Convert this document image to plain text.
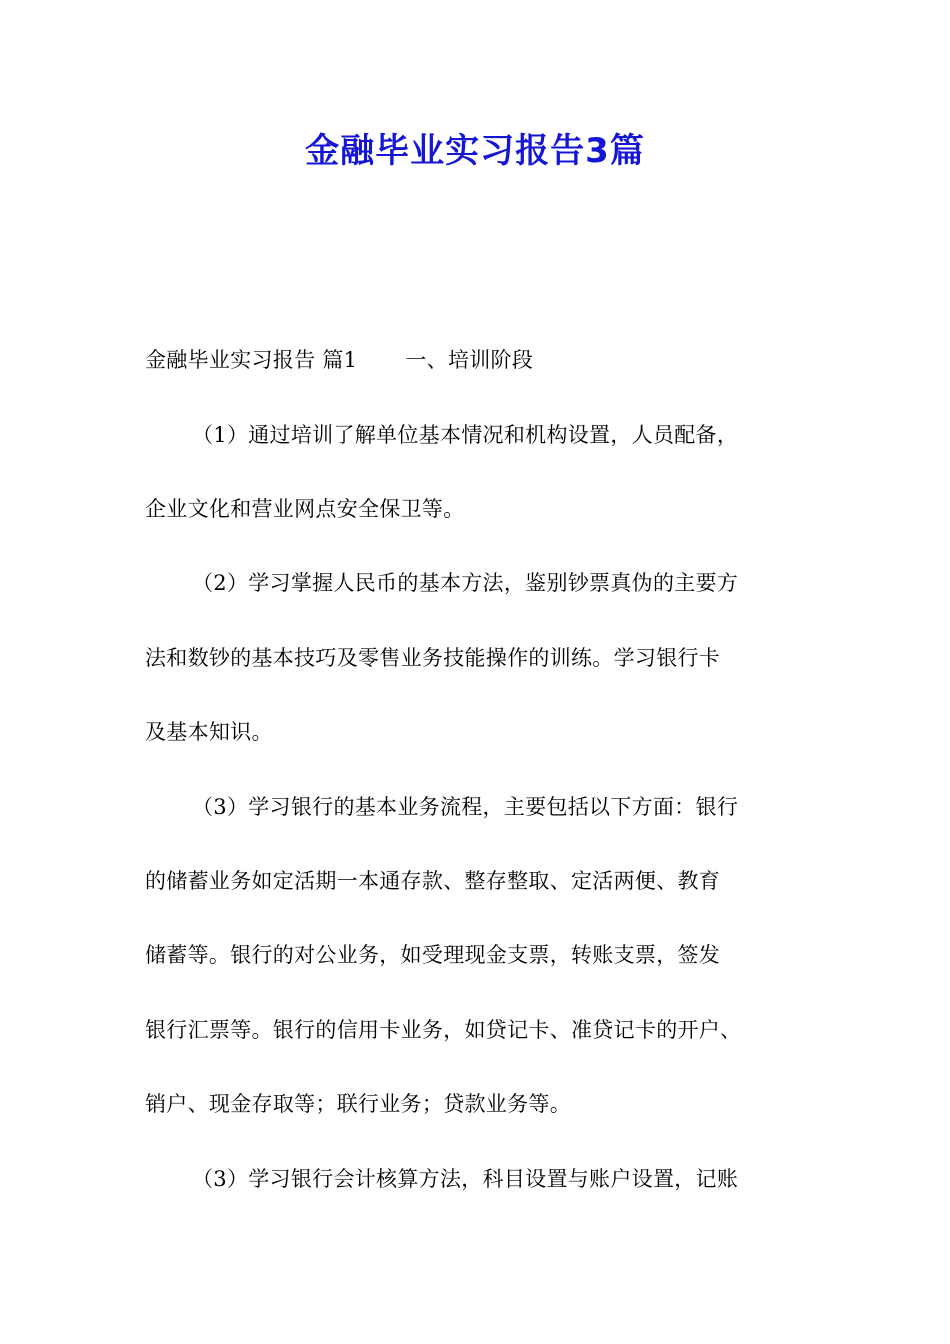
金融毕业实习报告3篇
金融毕业实习报告 篇1 一、培训阶段
（1）通过培训了解单位基本情况和机构设置，人员配备，
企业文化和营业网点安全保卫等。
（2）学习掌握人民币的基本方法，鉴别钞票真伪的主要方
法和数钞的基本技巧及零售业务技能操作的训练。学习银行卡
及基本知识。
（3）学习银行的基本业务流程，主要包括以下方面：银行
的储蓄业务如定活期一本通存款、整存整取、定活两便、教育
储蓄等。银行的对公业务，如受理现金支票，转账支票，签发
银行汇票等。银行的信用卡业务，如贷记卡、准贷记卡的开户、
销户、现金存取等；联行业务；贷款业务等。
（3）学习银行会计核算方法，科目设置与账户设置，记账
